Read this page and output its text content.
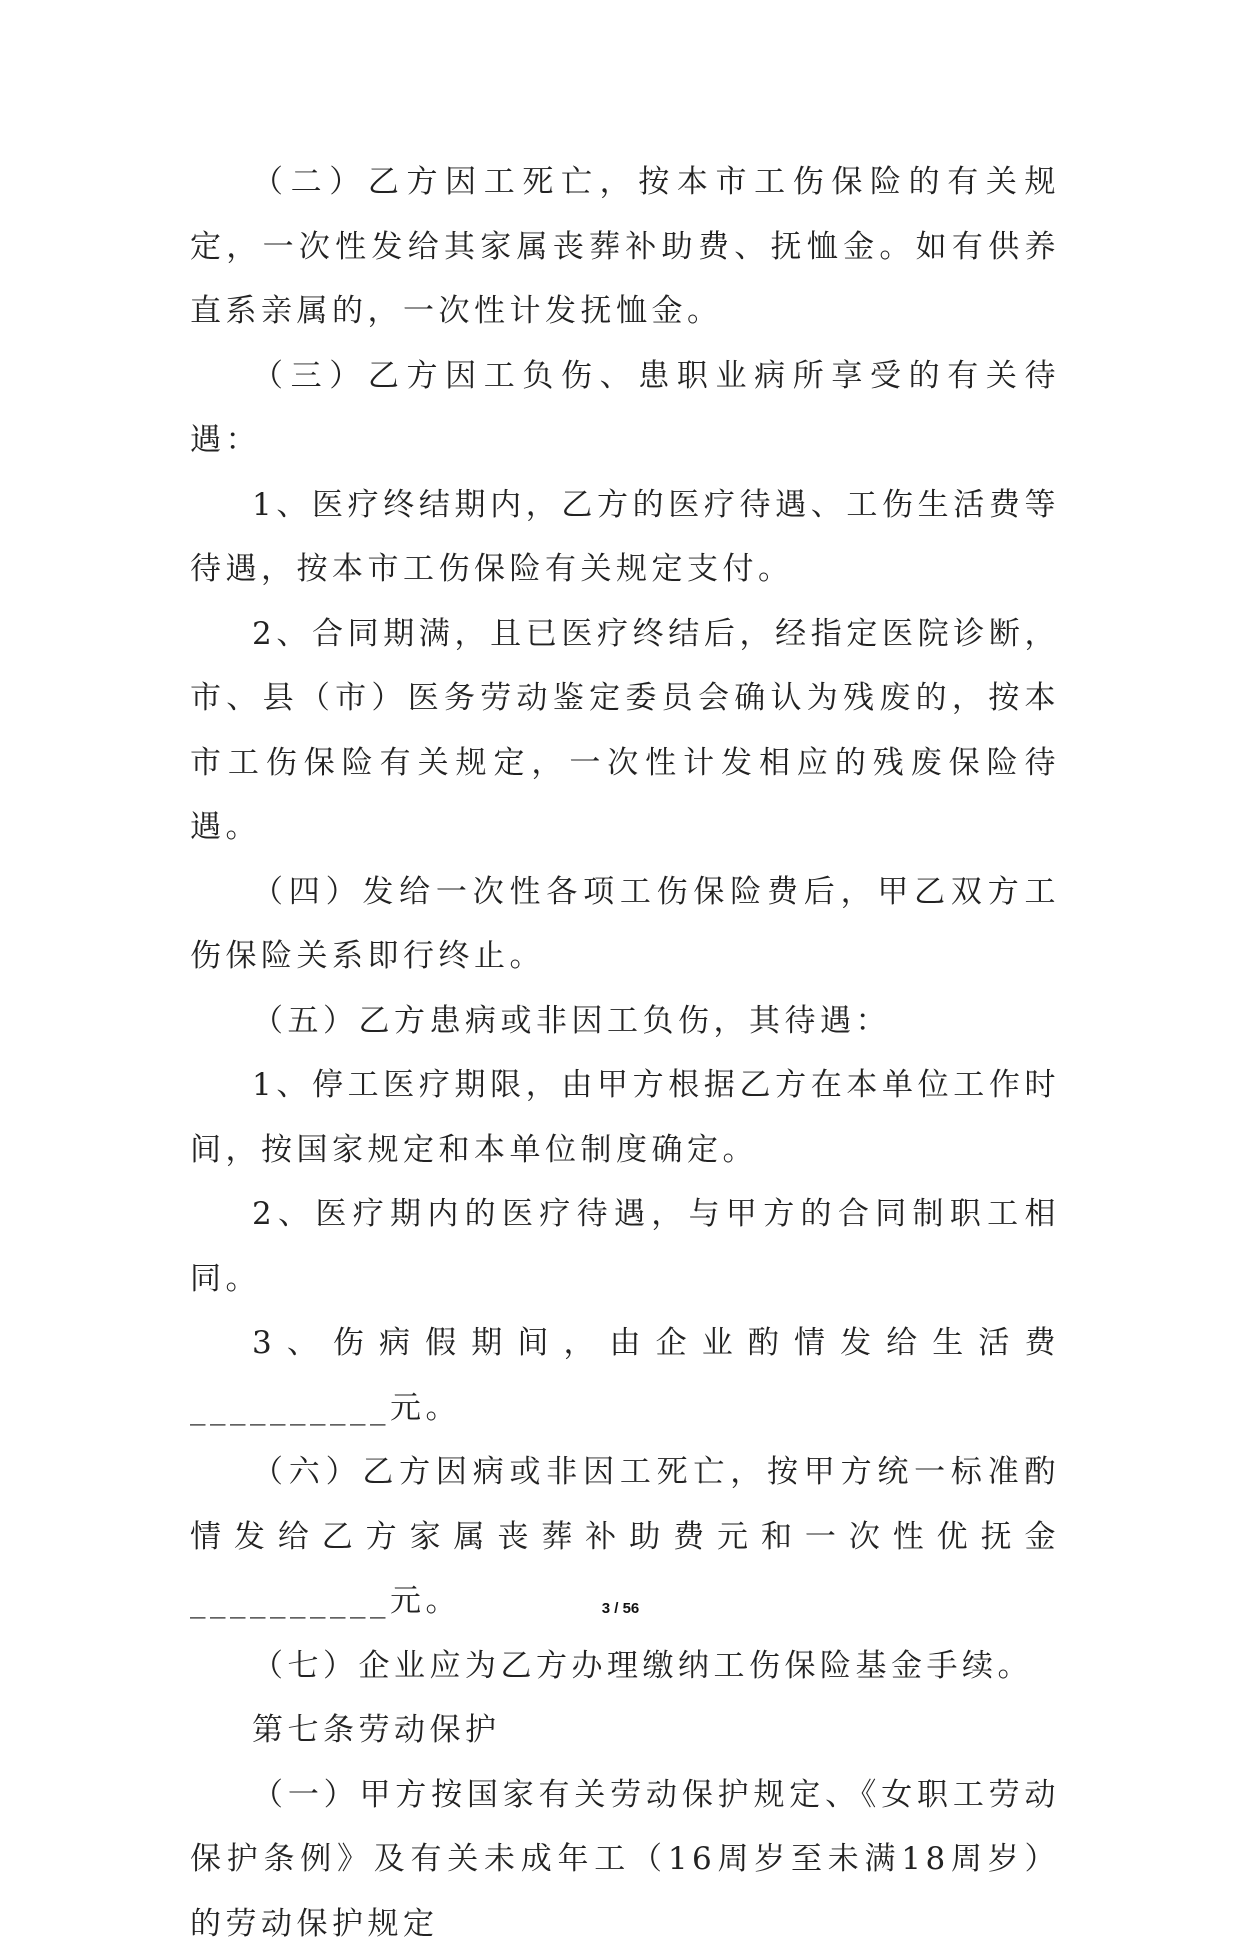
（二）乙方因工死亡，按本市工伤保险的有关规定，一次性发给其家属丧葬补助费、抚恤金。如有供养直系亲属的，一次性计发抚恤金。

（三）乙方因工负伤、患职业病所享受的有关待遇：

1、医疗终结期内，乙方的医疗待遇、工伤生活费等待遇，按本市工伤保险有关规定支付。

2、合同期满，且已医疗终结后，经指定医院诊断，市、县（市）医务劳动鉴定委员会确认为残废的，按本市工伤保险有关规定，一次性计发相应的残废保险待遇。

（四）发给一次性各项工伤保险费后，甲乙双方工伤保险关系即行终止。

（五）乙方患病或非因工负伤，其待遇：

1、停工医疗期限，由甲方根据乙方在本单位工作时间，按国家规定和本单位制度确定。

2、医疗期内的医疗待遇，与甲方的合同制职工相同。

3、伤病假期间，由企业酌情发给生活费__________元。

（六）乙方因病或非因工死亡，按甲方统一标准酌情发给乙方家属丧葬补助费元和一次性优抚金__________元。

（七）企业应为乙方办理缴纳工伤保险基金手续。

第七条劳动保护

（一）甲方按国家有关劳动保护规定、《女职工劳动保护条例》及有关未成年工（16周岁至未满18周岁）的劳动保护规定

3 / 56
